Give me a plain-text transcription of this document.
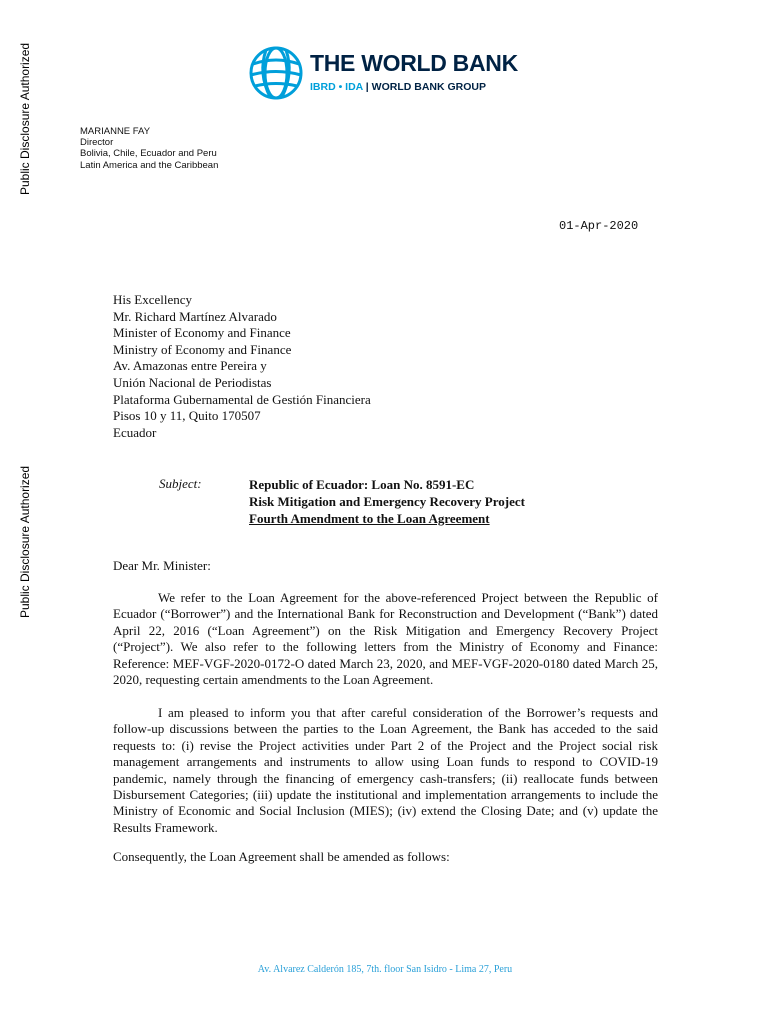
Public Disclosure Authorized
Public Disclosure Authorized
THE WORLD BANK
IBRD • IDA | WORLD BANK GROUP
MARIANNE FAY
Director
Bolivia, Chile, Ecuador and Peru
Latin America and the Caribbean
01-Apr-2020
His Excellency
Mr. Richard Martínez Alvarado
Minister of Economy and Finance
Ministry of Economy and Finance
Av. Amazonas entre Pereira y
Unión Nacional de Periodistas
Plataforma Gubernamental de Gestión Financiera
Pisos 10 y 11, Quito 170507
Ecuador
Subject:	Republic of Ecuador: Loan No. 8591-EC
Risk Mitigation and Emergency Recovery Project
Fourth Amendment to the Loan Agreement
Dear Mr. Minister:
We refer to the Loan Agreement for the above-referenced Project between the Republic of Ecuador (“Borrower”) and the International Bank for Reconstruction and Development (“Bank”) dated April 22, 2016 (“Loan Agreement”) on the Risk Mitigation and Emergency Recovery Project (“Project”). We also refer to the following letters from the Ministry of Economy and Finance: Reference: MEF-VGF-2020-0172-O dated March 23, 2020, and MEF-VGF-2020-0180 dated March 25, 2020, requesting certain amendments to the Loan Agreement.
I am pleased to inform you that after careful consideration of the Borrower’s requests and follow-up discussions between the parties to the Loan Agreement, the Bank has acceded to the said requests to: (i) revise the Project activities under Part 2 of the Project and the Project social risk management arrangements and instruments to allow using Loan funds to respond to COVID-19 pandemic, namely through the financing of emergency cash-transfers; (ii) reallocate funds between Disbursement Categories; (iii) update the institutional and implementation arrangements to include the Ministry of Economic and Social Inclusion (MIES); (iv) extend the Closing Date; and (v) update the Results Framework.
Consequently, the Loan Agreement shall be amended as follows:
Av. Alvarez Calderón 185, 7th. floor San Isidro - Lima 27, Peru
